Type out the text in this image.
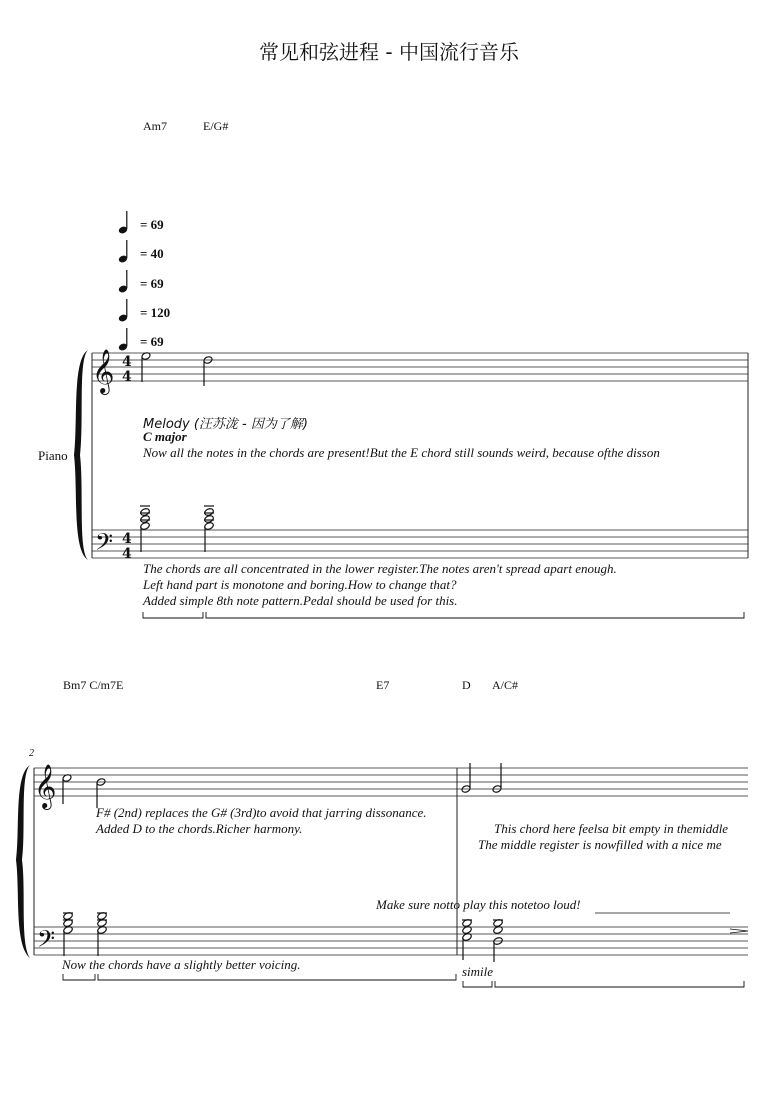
常见和弦进程 - 中国流行音乐
Am7	E/G#
= 69
= 40
= 69
= 120
= 69
Piano
Melody (汪苏泷 - 因为了解)
C major
Now all the notes in the chords are present!But the E chord still sounds weird, because ofthe disson
The chords are all concentrated in the lower register.The notes aren't spread apart enough.
Left hand part is monotone and boring.How to change that?
Added simple 8th note pattern.Pedal should be used for this.
2
Bm7 C/m7E	E7	D A/C#
F# (2nd) replaces the G# (3rd)to avoid that jarring dissonance.
Added D to the chords.Richer harmony.	This chord here feelsa bit empty in themiddle
The middle register is nowfilled with a nice me
Make sure notto play this notetoo loud!
Now the chords have a slightly better voicing.	simile
𝄞
𝄢
4
4
4
4
𝄞
𝄢
